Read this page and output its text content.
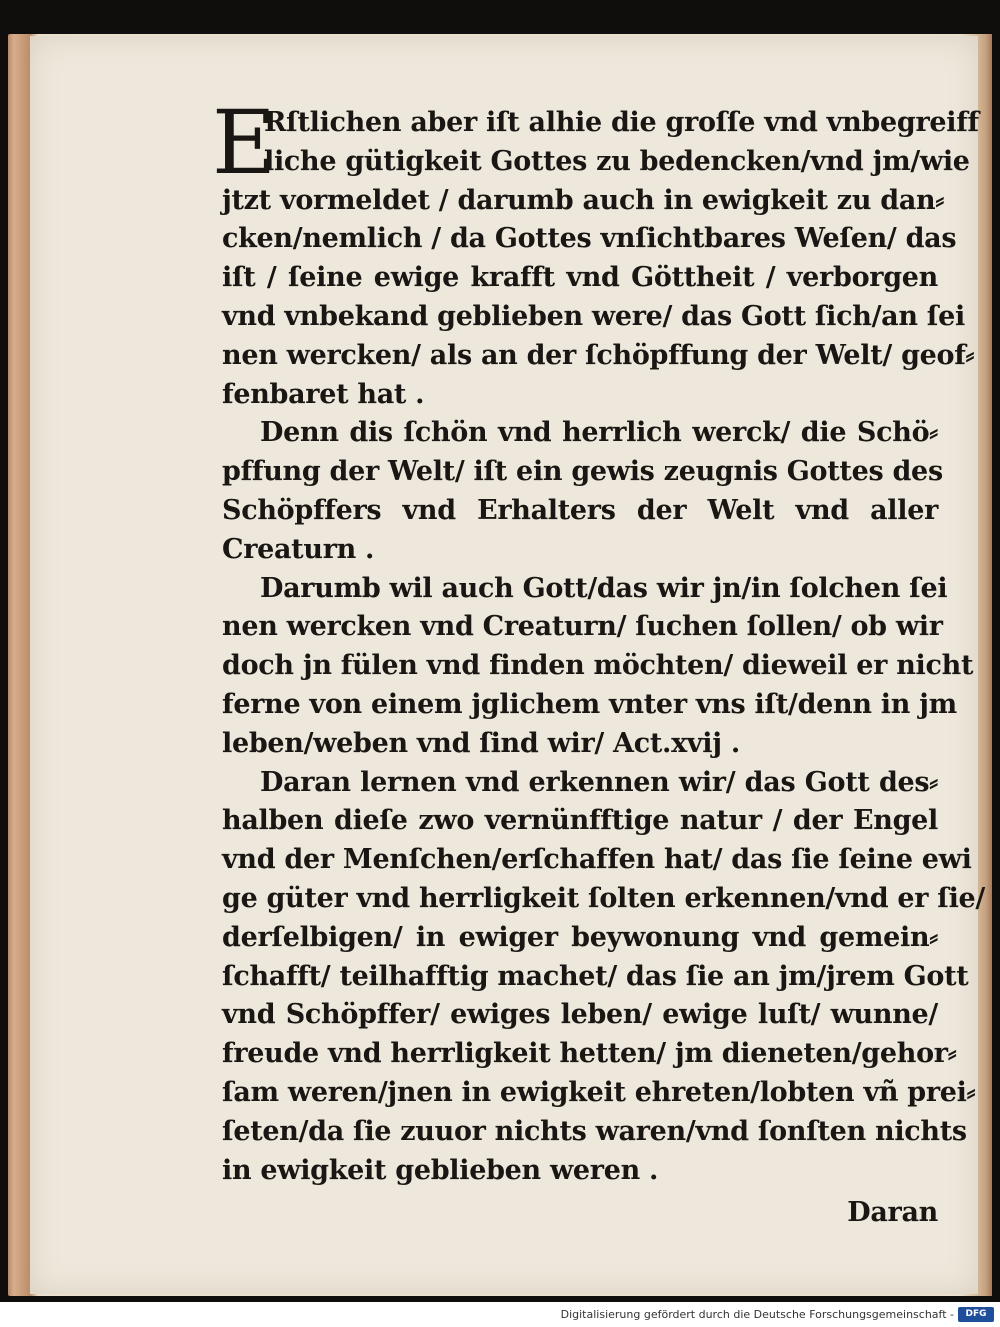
E
Rſtlichen aber iſt alhie die groſſe vnd vnbegreiff
liche gütigkeit Gottes zu bedencken/vnd jm/wie
jtzt vormeldet / darumb auch in ewigkeit zu dan⸗
cken/nemlich / da Gottes vnſichtbares Weſen/ das
iſt / ſeine ewige krafft vnd Göttheit / verborgen
vnd vnbekand geblieben were/ das Gott ſich/an ſei
nen wercken/ als an der ſchöpffung der Welt/ geof⸗
fenbaret hat .
Denn dis ſchön vnd herrlich werck/ die Schö⸗
pffung der Welt/ iſt ein gewis zeugnis Gottes des
Schöpffers vnd Erhalters der Welt vnd aller
Creaturn .
Darumb wil auch Gott/das wir jn/in ſolchen ſei
nen wercken vnd Creaturn/ ſuchen ſollen/ ob wir
doch jn fülen vnd finden möchten/ dieweil er nicht
ferne von einem jglichem vnter vns iſt/denn in jm
leben/weben vnd ſind wir/ Act.xvij .
Daran lernen vnd erkennen wir/ das Gott des⸗
halben dieſe zwo vernünfftige natur / der Engel
vnd der Menſchen/erſchaffen hat/ das ſie ſeine ewi
ge güter vnd herrligkeit ſolten erkennen/vnd er ſie/
derſelbigen/ in ewiger beywonung vnd gemein⸗
ſchafft/ teilhafftig machet/ das ſie an jm/jrem Gott
vnd Schöpffer/ ewiges leben/ ewige luſt/ wunne/
freude vnd herrligkeit hetten/ jm dieneten/gehor⸗
ſam weren/jnen in ewigkeit ehreten/lobten vñ prei⸗
ſeten/da ſie zuuor nichts waren/vnd ſonſten nichts
in ewigkeit geblieben weren .
Daran
Digitalisierung gefördert durch die Deutsche Forschungsgemeinschaft -	DFG
